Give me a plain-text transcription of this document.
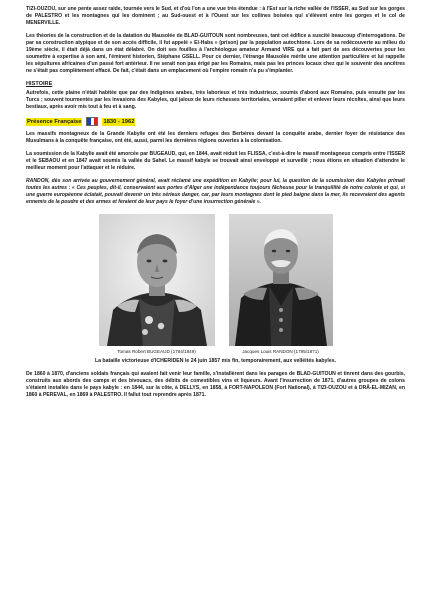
TIZI-OUZOU, sur une pente assez raide, tournée vers le Sud, et d'où l'on a une vue très étendue : à l'Est sur la riche vallée de l'ISSER, au Sud sur les gorges de PALESTRO et les montagnes qui les dominent ; au Sud-ouest et à l'Ouest sur les collines boisées qui s'élèvent entre les gorges et le col de MENERVILLE.

Les théories de la construction et de la datation du Mausolée de BLAD-GUITOUN sont nombreuses, tant cet édifice a suscité beaucoup d'interrogations. De par sa construction atypique et de son accès difficile, il fut appelé « El-Habs » (prison) par la population autochtone. Lors de sa redécouverte au milieu du 19ème siècle, il était déjà dans un état délabré. On doit ses fouilles à l'archéologue amateur Armand VIRE qui a fait part de ses découvertes pour les soumettre à expertise à son ami, l'éminent historien, Stéphane GSELL. Pour ce dernier, l'étrange Mausolée mérite une attention particulière et lui rappelle les sépultures africaines d'un passé fort antérieur. Il ne serait non pas érigé par les Romains, mais pas les princes locaux chez qui le souvenir des ancêtres ne s'était pas complètement effacé. De fait, c'était dans un emplacement où l'empire romain n'a pu s'implanter.

HISTOIRE

Autrefois, cette plaine n'était habitée que par des Indigènes arabes, très laborieux et très industrieux, soumis d'abord aux Romains, puis ensuite par les Turcs ; souvent tourmentés par les invasions des Kabyles, qui jaloux de leurs richesses territoriales, venaient piller et enlever leurs récoltes, ainsi que leurs bestiaux, après avoir mis tout à feu et à sang.

Présence Française	1830 - 1962

Les massifs montagneux de la Grande Kabylie ont été les derniers refuges des Berbères devant la conquête arabe, dernier foyer de résistance des Musulmans à la conquête française, ont été, aussi, parmi les dernières régions ouvertes à la colonisation.

La soumission de la Kabylie avait été amorcée par BUGEAUD, qui, en 1844, avait réduit les FLISSA, c'est-à-dire le massif montagneux compris entre l'ISSER et le SEBAOU et en 1847 avait soumis la vallée du Sahel. Le massif kabyle se trouvait ainsi enveloppé et surveillé ; nous étions en situation d'attendre le meilleur moment pour l'attaquer et le réduire.

RANDON, dès son arrivée au gouvernement général, avait réclamé une expédition en Kabylie; pour lui, la question de la soumission des Kabyles primait toutes les autres : « Ces peuples, dit-il, conservaient aux portes d'Alger une indépendance toujours fâcheuse pour la tranquillité de notre colonie et qui, si une guerre européenne éclatait, pouvait devenir un très sérieux danger, car, par leurs montagnes dont le pied baigne dans la mer, ils recevraient des agents ennemis de la poudre et des armes et feraient de leur pays le foyer d'une insurrection générale ».

Tomas Robert BUGEAUD (1784/1849)	Jacques Louis RANDON (1795/1871)
La bataille victorieuse d'ICHERIDEN le 24 juin 1857 mis fin, temporairement, aux velléités kabyles.

De 1860 à 1870, d'anciens soldats français qui avaient fait venir leur famille, s'installèrent dans les parages de BLAD-GUITOUN et tinrent dans des gourbis, construits aux abords des camps et des bivouacs, des débits de comestibles vins et liqueurs. Avant l'insurrection de 1871, d'autres groupes de colons s'étaient installés dans le pays kabyle : en 1844, sur la côte, à DELLYS, en 1858, à FORT-NAPOLEON (Fort National), à TIZI-OUZOU et à DRÂ-EL-MIZAN, en 1860 à PEREVAL, en 1869 à PALESTRO. Il fallut tout reprendre après 1871.
